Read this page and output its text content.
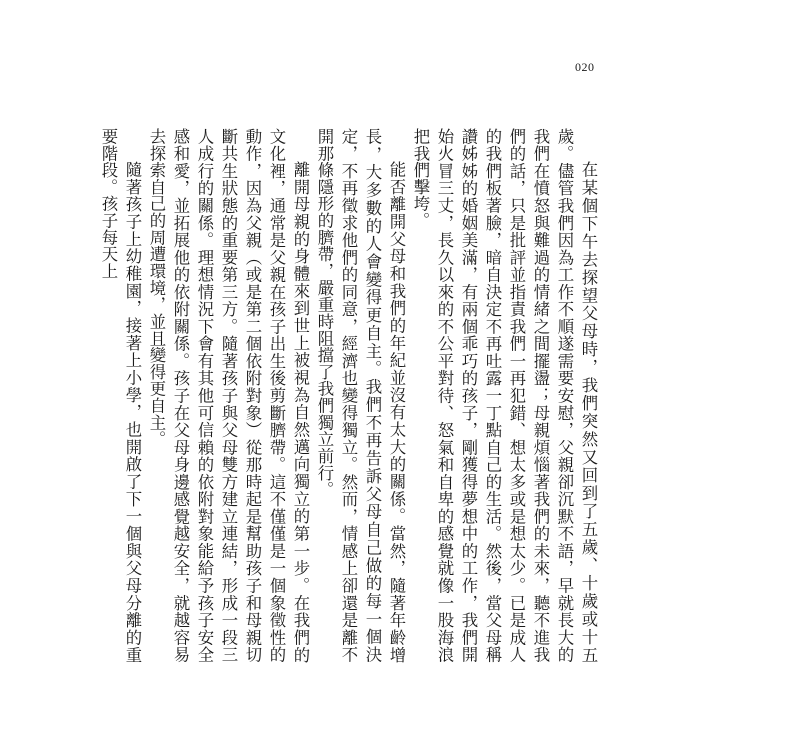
020

在某個下午去探望父母時，我們突然又回到了五歲、十歲或十五歲。儘管我們因為工作不順遂需要安慰，父親卻沉默不語，早就長大的我們在憤怒與難過的情緒之間擺盪；母親煩惱著我們的未來，聽不進我們的話，只是批評並指責我們一再犯錯、想太多或是想太少。已是成人的我們板著臉，暗自決定不再吐露一丁點自己的生活。然後，當父母稱讚姊姊的婚姻美滿，有兩個乖巧的孩子，剛獲得夢想中的工作，我們開始火冒三丈，長久以來的不公平對待、怒氣和自卑的感覺就像一股海浪把我們擊垮。

能否離開父母和我們的年紀並沒有太大的關係。當然，隨著年齡增長，大多數的人會變得更自主。我們不再告訴父母自己做的每一個決定，不再徵求他們的同意，經濟也變得獨立。然而，情感上卻還是離不開那條隱形的臍帶，嚴重時阻擋了我們獨立前行。

離開母親的身體來到世上被視為自然邁向獨立的第一步。在我們的文化裡，通常是父親在孩子出生後剪斷臍帶。這不僅僅是一個象徵性的動作，因為父親（或是第二個依附對象）從那時起是幫助孩子和母親切斷共生狀態的重要第三方。隨著孩子與父母雙方建立連結，形成一段三人成行的關係。理想情況下會有其他可信賴的依附對象能給予孩子安全感和愛，並拓展他的依附關係。孩子在父母身邊感覺越安全，就越容易去探索自己的周遭環境，並且變得更自主。

隨著孩子上幼稚園，接著上小學，也開啟了下一個與父母分離的重要階段。孩子每天上
